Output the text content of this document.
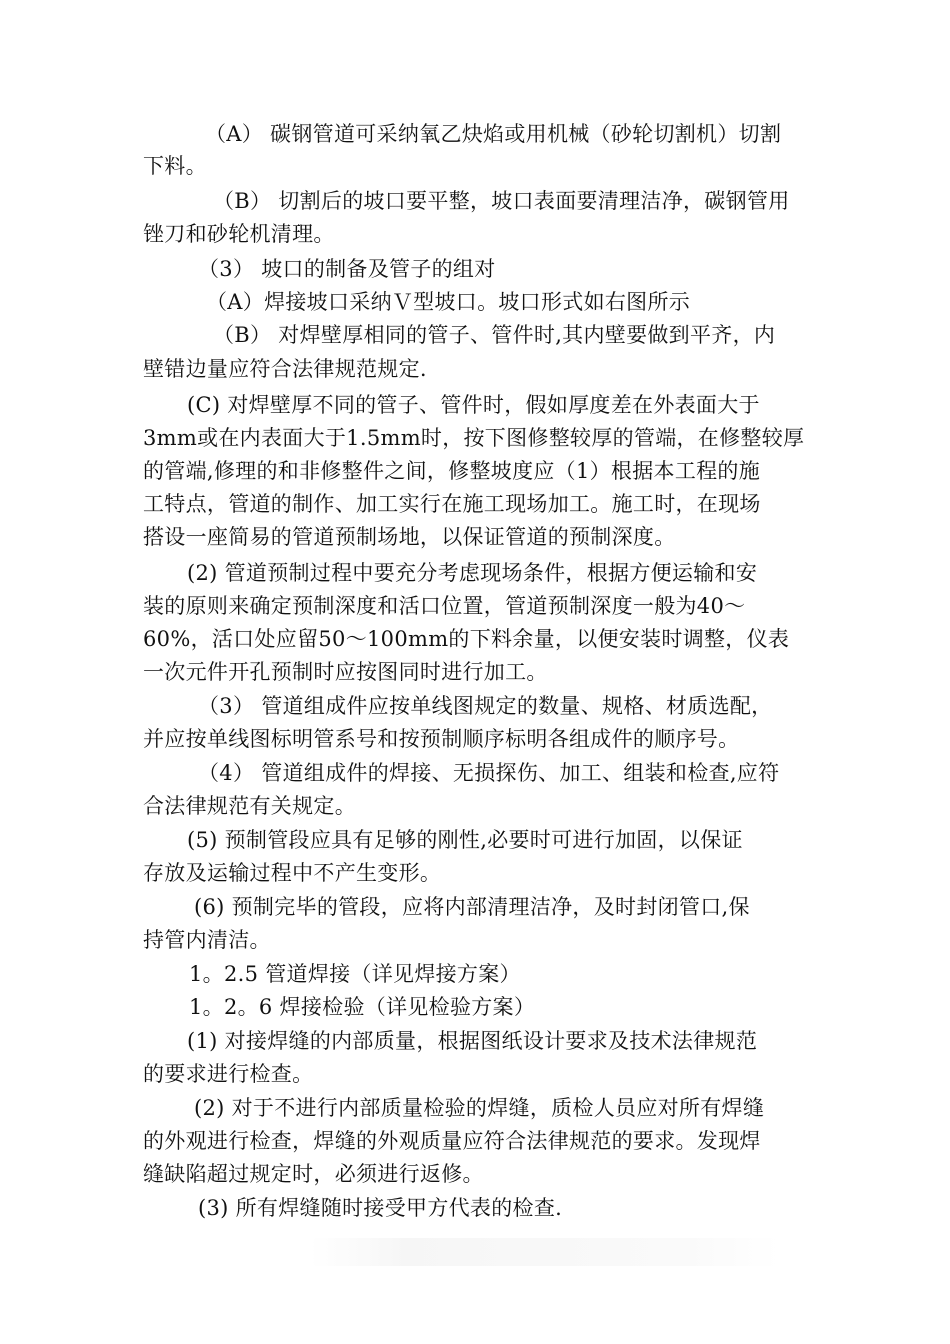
（A） 碳钢管道可采纳氧乙炔焰或用机械（砂轮切割机）切割
下料。
（B） 切割后的坡口要平整，坡口表面要清理洁净，碳钢管用
锉刀和砂轮机清理。
（3） 坡口的制备及管子的组对
（A）焊接坡口采纳Ｖ型坡口。坡口形式如右图所示
（B） 对焊壁厚相同的管子、管件时,其内壁要做到平齐，内
壁错边量应符合法律规范规定.
(C) 对焊壁厚不同的管子、管件时，假如厚度差在外表面大于
3mm或在内表面大于1.5mm时，按下图修整较厚的管端，在修整较厚
的管端,修理的和非修整件之间，修整坡度应（1）根据本工程的施
工特点，管道的制作、加工实行在施工现场加工。施工时，在现场
搭设一座简易的管道预制场地，以保证管道的预制深度。
(2) 管道预制过程中要充分考虑现场条件，根据方便运输和安
装的原则来确定预制深度和活口位置，管道预制深度一般为40～
60%，活口处应留50～100mm的下料余量，以便安装时调整，仪表
一次元件开孔预制时应按图同时进行加工。
（3） 管道组成件应按单线图规定的数量、规格、材质选配，
并应按单线图标明管系号和按预制顺序标明各组成件的顺序号。
（4） 管道组成件的焊接、无损探伤、加工、组装和检查,应符
合法律规范有关规定。
(5) 预制管段应具有足够的刚性,必要时可进行加固，以保证
存放及运输过程中不产生变形。
(6) 预制完毕的管段，应将内部清理洁净，及时封闭管口,保
持管内清洁。
1。2.5 管道焊接（详见焊接方案）
1。2。6 焊接检验（详见检验方案）
(1) 对接焊缝的内部质量，根据图纸设计要求及技术法律规范
的要求进行检查。
(2) 对于不进行内部质量检验的焊缝，质检人员应对所有焊缝
的外观进行检查，焊缝的外观质量应符合法律规范的要求。发现焊
缝缺陷超过规定时，必须进行返修。
(3) 所有焊缝随时接受甲方代表的检查.
